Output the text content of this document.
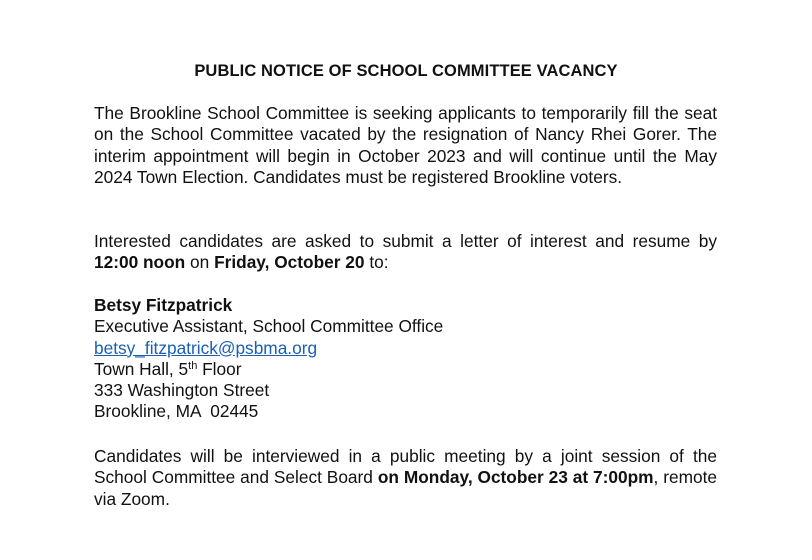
PUBLIC NOTICE OF SCHOOL COMMITTEE VACANCY
The Brookline School Committee is seeking applicants to temporarily fill the seat on the School Committee vacated by the resignation of Nancy Rhei Gorer. The interim appointment will begin in October 2023 and will continue until the May 2024 Town Election. Candidates must be registered Brookline voters.
Interested candidates are asked to submit a letter of interest and resume by 12:00 noon on Friday, October 20 to:
Betsy Fitzpatrick
Executive Assistant, School Committee Office
betsy_fitzpatrick@psbma.org
Town Hall, 5th Floor
333 Washington Street
Brookline, MA  02445
Candidates will be interviewed in a public meeting by a joint session of the School Committee and Select Board on Monday, October 23 at 7:00pm, remote via Zoom.
